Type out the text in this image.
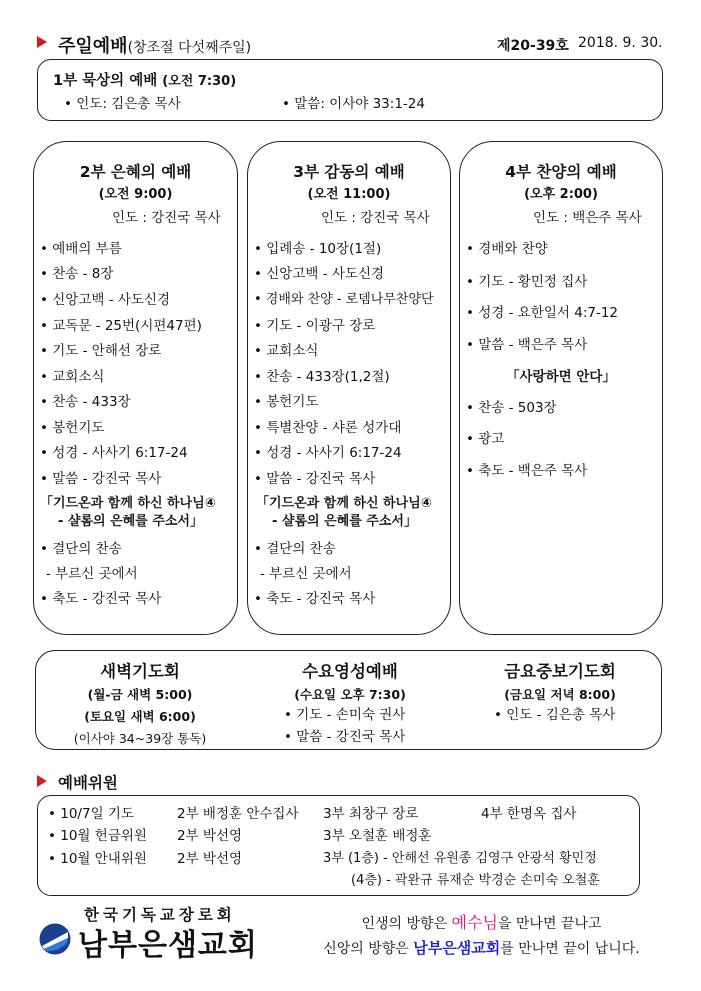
주일예배(창조절 다섯째주일)	제20-39호 2018. 9. 30.
1부 묵상의 예배 (오전 7:30)
• 인도: 김은총 목사	• 말씀: 이사야 33:1-24
2부 은혜의 예배
(오전 9:00)
인도 : 강진국 목사
• 예배의 부름
• 찬송 - 8장
• 신앙고백 - 사도신경
• 교독문 - 25번(시편47편)
• 기도 - 안해선 장로
• 교회소식
• 찬송 - 433장
• 봉헌기도
• 성경 - 사사기 6:17-24
• 말씀 - 강진국 목사
「기드온과 함께 하신 하나님④
- 샬롬의 은혜를 주소서」
• 결단의 찬송
- 부르신 곳에서
• 축도 - 강진국 목사
3부 감동의 예배
(오전 11:00)
인도 : 강진국 목사
• 입례송 - 10장(1절)
• 신앙고백 - 사도신경
• 경배와 찬양 - 로뎀나무찬양단
• 기도 - 이광구 장로
• 교회소식
• 찬송 - 433장(1,2절)
• 봉헌기도
• 특별찬양 - 샤론 성가대
• 성경 - 사사기 6:17-24
• 말씀 - 강진국 목사
「기드온과 함께 하신 하나님④
- 샬롬의 은혜를 주소서」
• 결단의 찬송
- 부르신 곳에서
• 축도 - 강진국 목사
4부 찬양의 예배
(오후 2:00)
인도 : 백은주 목사
• 경배와 찬양
• 기도 - 황민정 집사
• 성경 - 요한일서 4:7-12
• 말씀 - 백은주 목사
「사랑하면 안다」
• 찬송 - 503장
• 광고
• 축도 - 백은주 목사
새벽기도회
(월-금 새벽 5:00)
(토요일 새벽 6:00)
(이사야 34~39장 통독)
수요영성예배
(수요일 오후 7:30)
• 기도 - 손미숙 권사
• 말씀 - 강진국 목사
금요중보기도회
(금요일 저녁 8:00)
• 인도 - 김은총 목사
예배위원
• 10/7일 기도	2부 배정훈 안수집사 3부 최창구 장로	4부 한명옥 집사
• 10월 헌금위원 2부 박선영	3부 오철훈 배정훈
• 10월 안내위원 2부 박선영	3부 (1층) - 안해선 유원종 김영구 안광석 황민정
(4층) - 곽완규 류재순 박경순 손미숙 오철훈
한국기독교장로회
남부은샘교회
인생의 방향은 예수님을 만나면 끝나고
신앙의 방향은 남부은샘교회를 만나면 끝이 납니다.
